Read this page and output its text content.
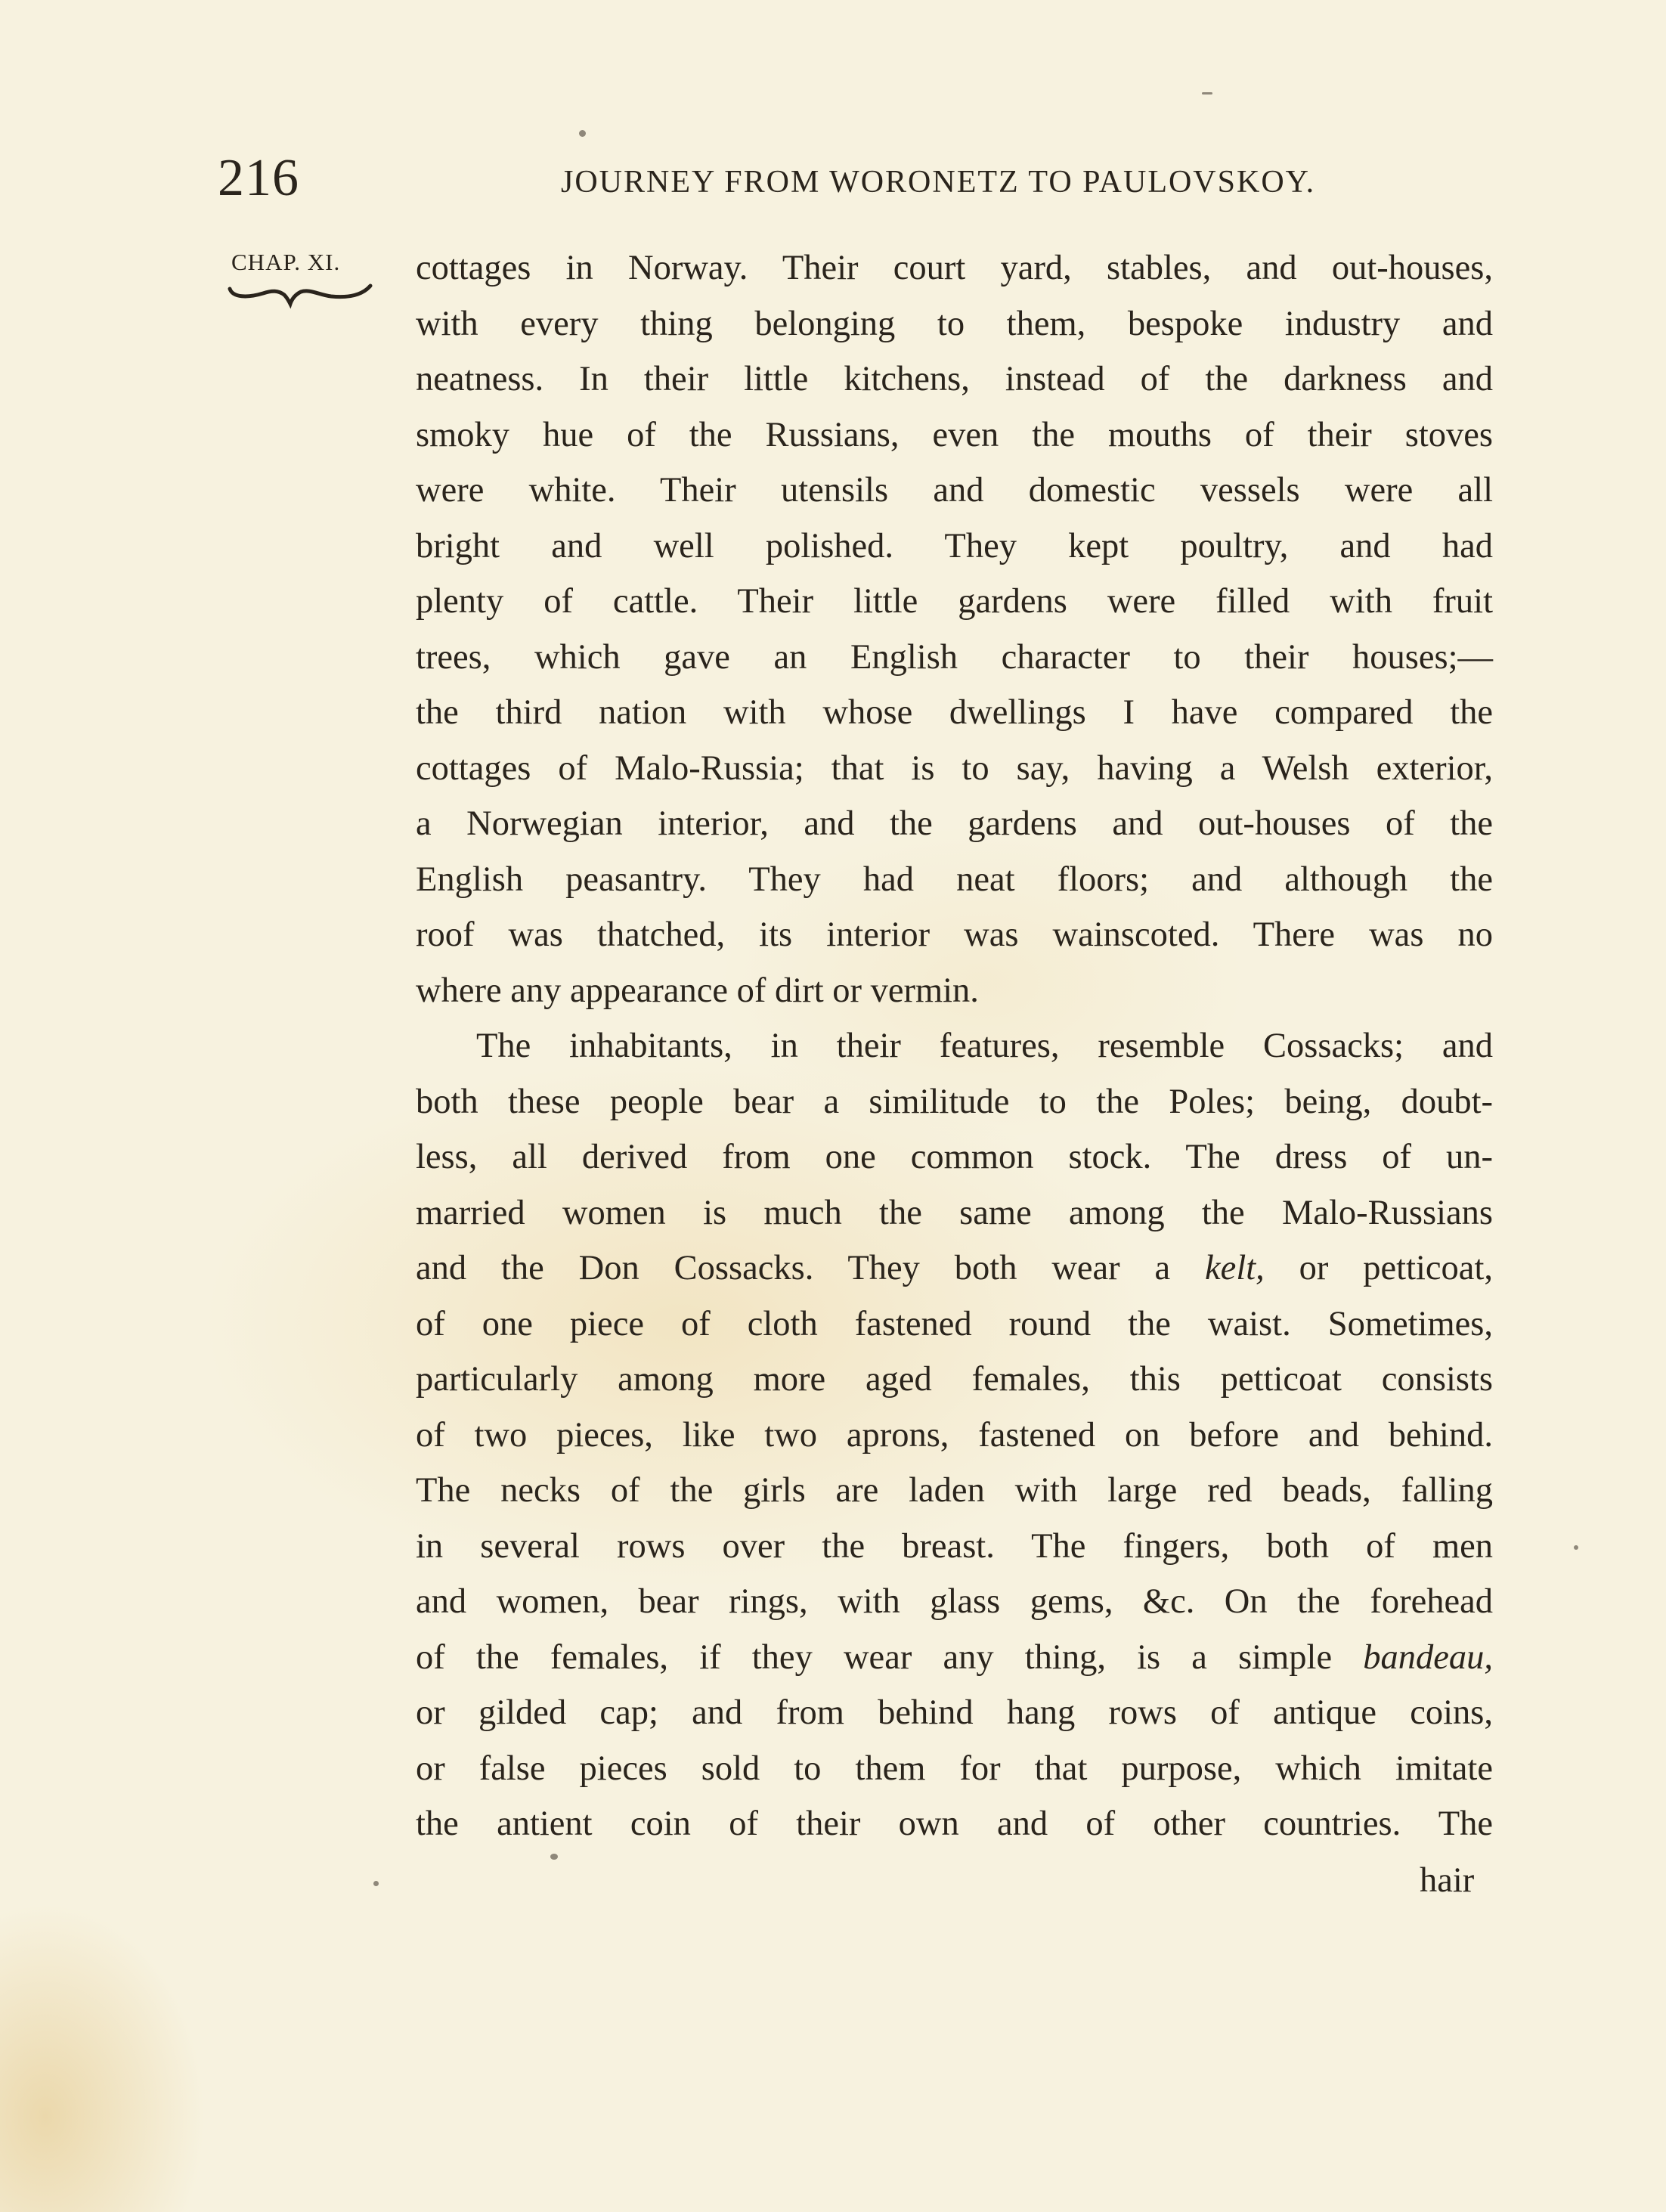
216	JOURNEY FROM WORONETZ TO PAULOVSKOY.
CHAP. XI. cottages in Norway. Their court yard, stables, and out-houses,
with every thing belonging to them, bespoke industry and
neatness. In their little kitchens, instead of the darkness and
smoky hue of the Russians, even the mouths of their stoves
were white. Their utensils and domestic vessels were all
bright and well polished. They kept poultry, and had
plenty of cattle. Their little gardens were filled with fruit
trees, which gave an English character to their houses;—
the third nation with whose dwellings I have compared the
cottages of Malo-Russia; that is to say, having a Welsh exterior,
a Norwegian interior, and the gardens and out-houses of the
English peasantry. They had neat floors; and although the
roof was thatched, its interior was wainscoted. There was no
where any appearance of dirt or vermin.
The inhabitants, in their features, resemble Cossacks; and
both these people bear a similitude to the Poles; being, doubt-
less, all derived from one common stock. The dress of un-
married women is much the same among the Malo-Russians
and the Don Cossacks. They both wear a kelt, or petticoat,
of one piece of cloth fastened round the waist. Sometimes,
particularly among more aged females, this petticoat consists
of two pieces, like two aprons, fastened on before and behind.
The necks of the girls are laden with large red beads, falling
in several rows over the breast. The fingers, both of men
and women, bear rings, with glass gems, &c. On the forehead
of the females, if they wear any thing, is a simple bandeau,
or gilded cap; and from behind hang rows of antique coins,
or false pieces sold to them for that purpose, which imitate
the antient coin of their own and of other countries. The
hair
